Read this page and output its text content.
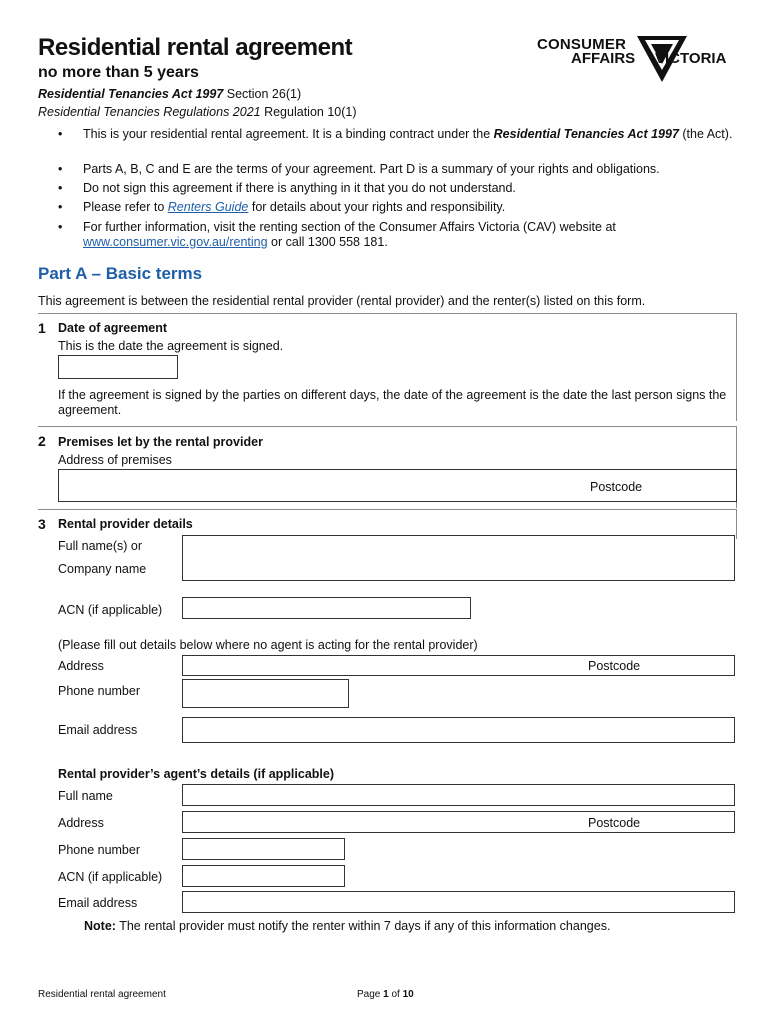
Residential rental agreement
no more than 5 years
Residential Tenancies Act 1997 Section 26(1)
Residential Tenancies Regulations 2021 Regulation 10(1)
CONSUMER
AFFAIRS VICTORIA
• This is your residential rental agreement. It is a binding contract under the Residential Tenancies Act 1997 (the Act).
• Parts A, B, C and E are the terms of your agreement. Part D is a summary of your rights and obligations.
• Do not sign this agreement if there is anything in it that you do not understand.
• Please refer to Renters Guide for details about your rights and responsibility.
• For further information, visit the renting section of the Consumer Affairs Victoria (CAV) website at www.consumer.vic.gov.au/renting or call 1300 558 181.
Part A – Basic terms
This agreement is between the residential rental provider (rental provider) and the renter(s) listed on this form.
1 Date of agreement
This is the date the agreement is signed.
If the agreement is signed by the parties on different days, the date of the agreement is the date the last person signs the agreement.
2 Premises let by the rental provider
Address of premises
Postcode
3 Rental provider details
Full name(s) or
Company name
ACN (if applicable)
(Please fill out details below where no agent is acting for the rental provider)
Address	Postcode
Phone number
Email address
Rental provider’s agent’s details (if applicable)
Full name
Address	Postcode
Phone number
ACN (if applicable)
Email address
Note: The rental provider must notify the renter within 7 days if any of this information changes.
Residential rental agreement	Page 1 of 10
